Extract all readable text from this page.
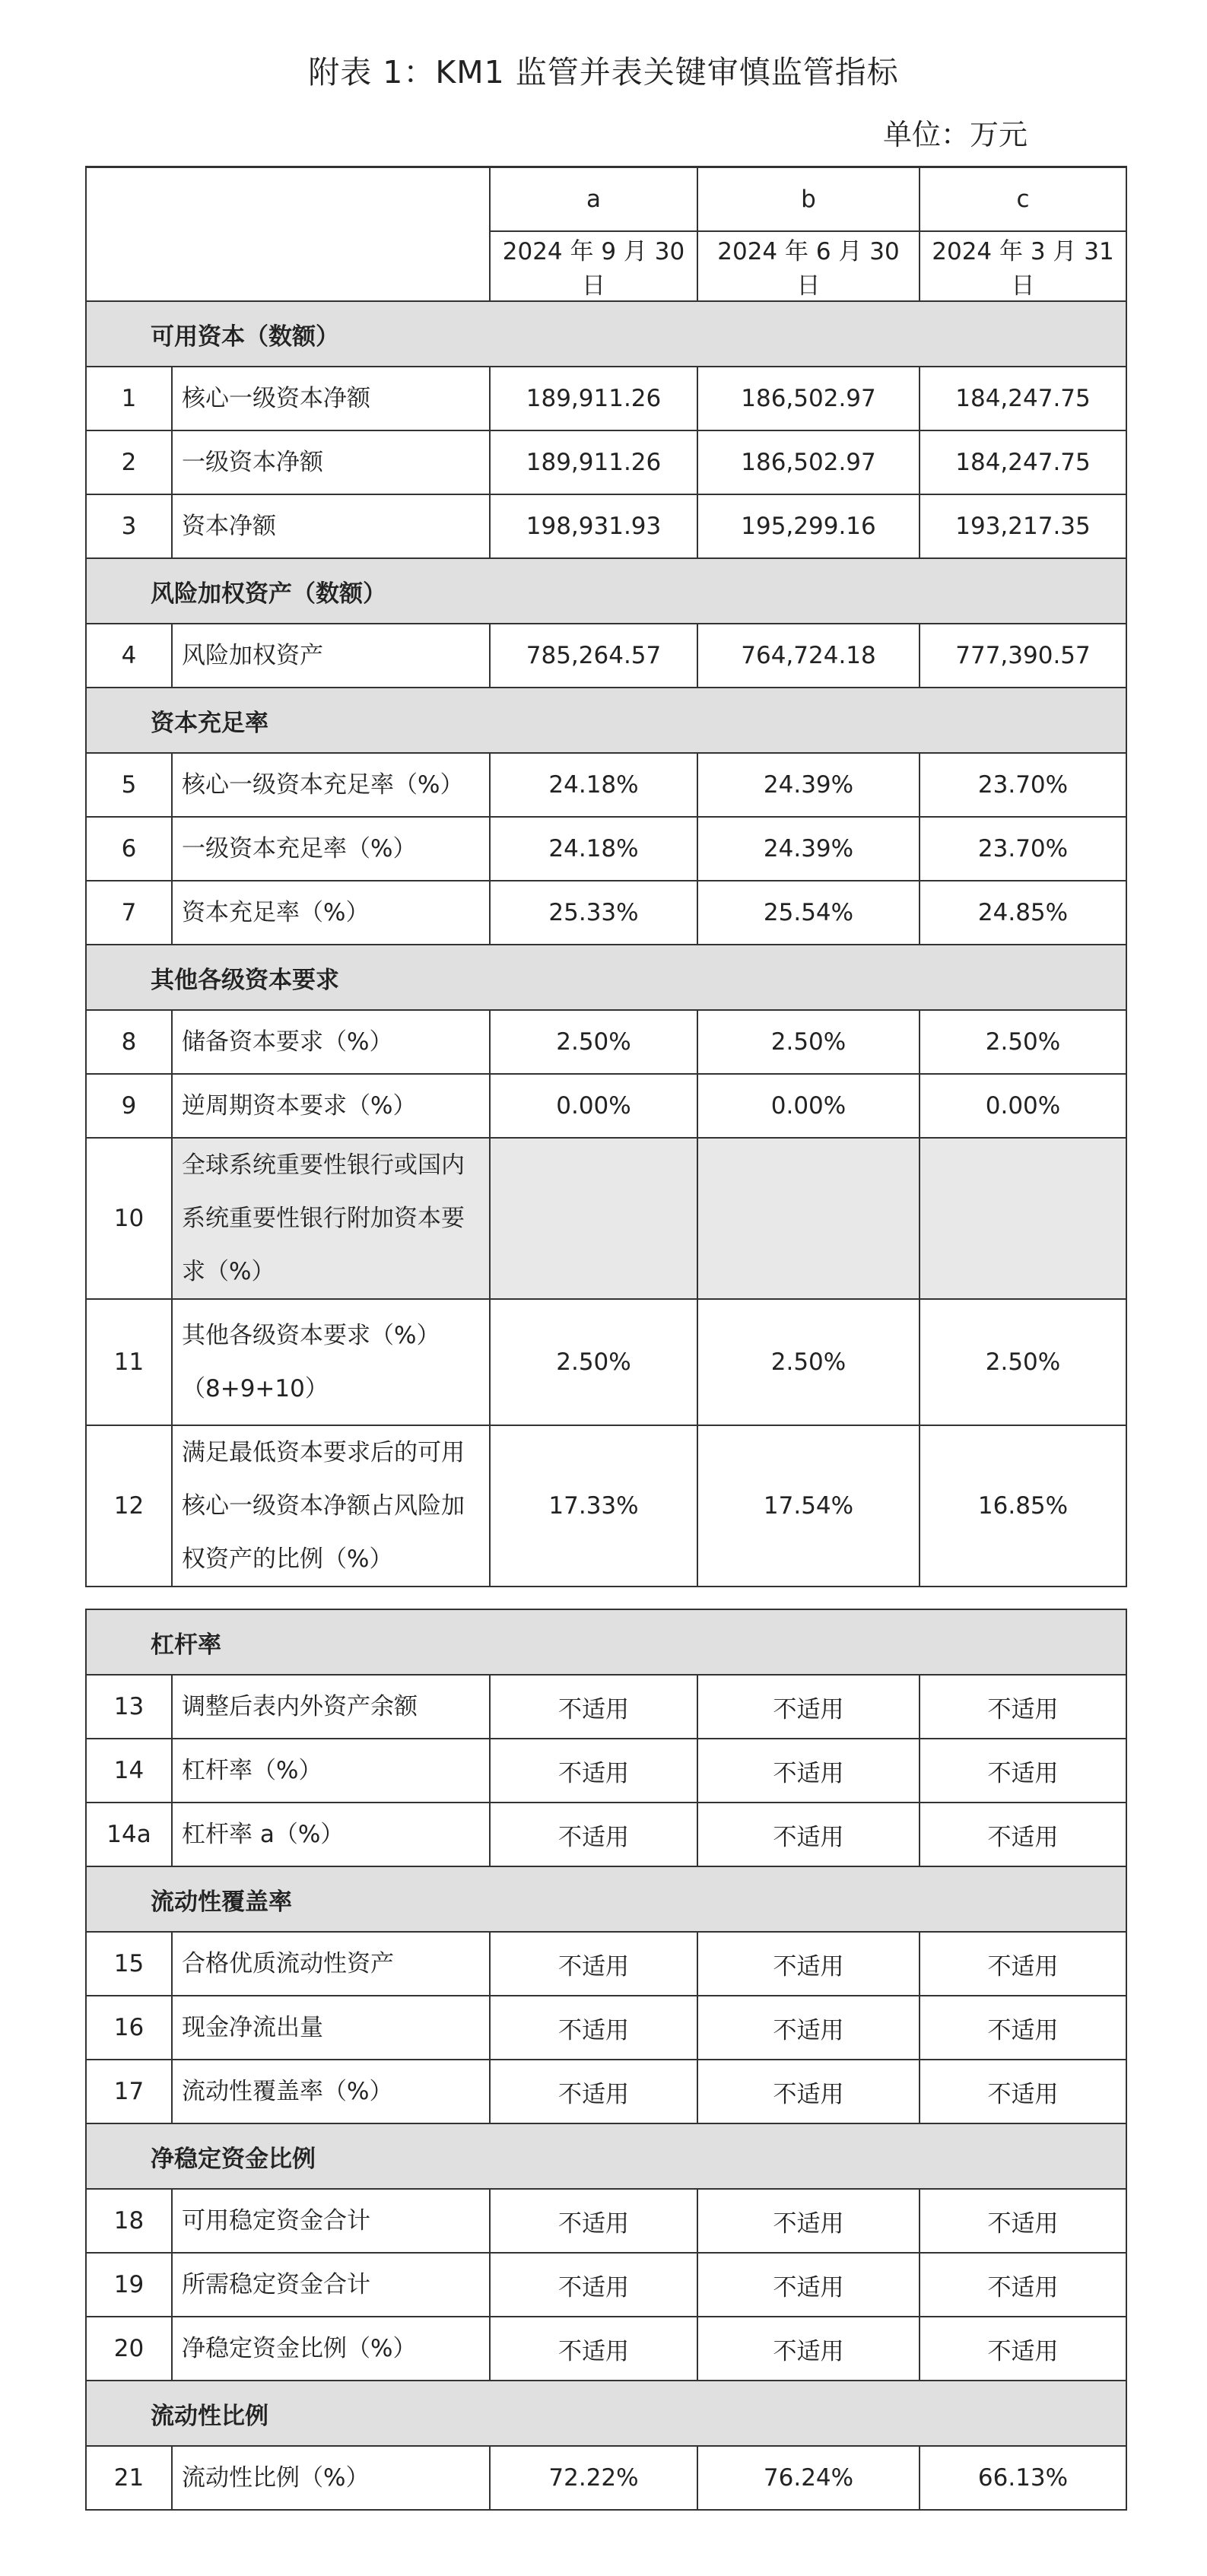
附表 1：KM1 监管并表关键审慎监管指标
单位：万元
		a	b	c
		2024 年 9 月 30 日	2024 年 6 月 30 日	2024 年 3 月 31 日
可用资本（数额）				
1	核心一级资本净额	189,911.26	186,502.97	184,247.75
2	一级资本净额	189,911.26	186,502.97	184,247.75
3	资本净额	198,931.93	195,299.16	193,217.35
风险加权资产（数额）				
4	风险加权资产	785,264.57	764,724.18	777,390.57
资本充足率				
5	核心一级资本充足率（%）	24.18%	24.39%	23.70%
6	一级资本充足率（%）	24.18%	24.39%	23.70%
7	资本充足率（%）	25.33%	25.54%	24.85%
其他各级资本要求				
8	储备资本要求（%）	2.50%	2.50%	2.50%
9	逆周期资本要求（%）	0.00%	0.00%	0.00%
10	全球系统重要性银行或国内系统重要性银行附加资本要求（%）			
11	其他各级资本要求（%）（8+9+10）	2.50%	2.50%	2.50%
12	满足最低资本要求后的可用核心一级资本净额占风险加权资产的比例（%）	17.33%	17.54%	16.85%

杠杆率				
13	调整后表内外资产余额	不适用	不适用	不适用
14	杠杆率（%）	不适用	不适用	不适用
14a	杠杆率 a（%）	不适用	不适用	不适用
流动性覆盖率				
15	合格优质流动性资产	不适用	不适用	不适用
16	现金净流出量	不适用	不适用	不适用
17	流动性覆盖率（%）	不适用	不适用	不适用
净稳定资金比例				
18	可用稳定资金合计	不适用	不适用	不适用
19	所需稳定资金合计	不适用	不适用	不适用
20	净稳定资金比例（%）	不适用	不适用	不适用
流动性比例				
21	流动性比例（%）	72.22%	76.24%	66.13%
